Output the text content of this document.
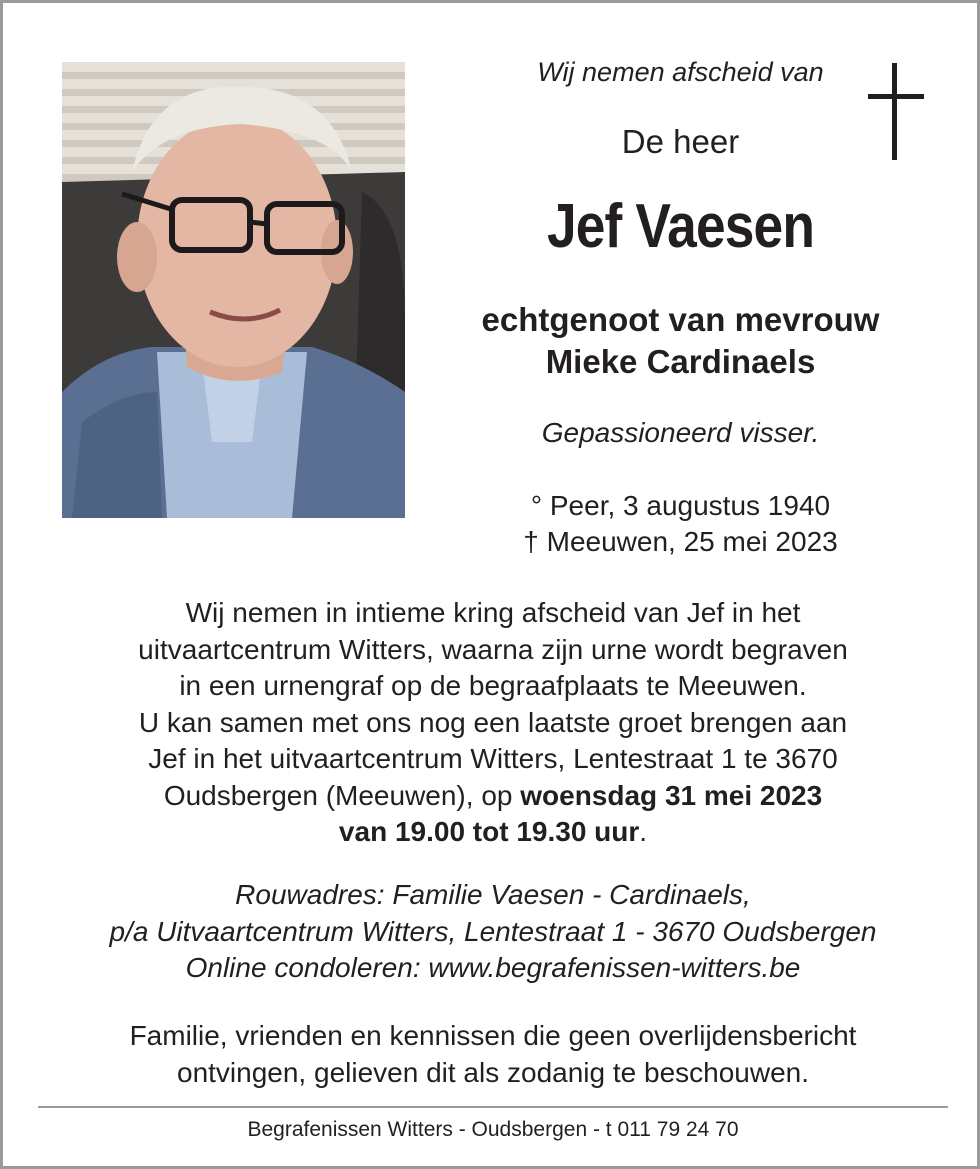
Wij nemen afscheid van
De heer
Jef Vaesen
echtgenoot van mevrouw
Mieke Cardinaels
Gepassioneerd visser.
° Peer, 3 augustus 1940
† Meeuwen, 25 mei 2023
Wij nemen in intieme kring afscheid van Jef in het
uitvaartcentrum Witters, waarna zijn urne wordt begraven
in een urnengraf op de begraafplaats te Meeuwen.
U kan samen met ons nog een laatste groet brengen aan
Jef in het uitvaartcentrum Witters, Lentestraat 1 te 3670
Oudsbergen (Meeuwen), op woensdag 31 mei 2023
van 19.00 tot 19.30 uur.
Rouwadres: Familie Vaesen - Cardinaels,
p/a Uitvaartcentrum Witters, Lentestraat 1 - 3670 Oudsbergen
Online condoleren: www.begrafenissen-witters.be
Familie, vrienden en kennissen die geen overlijdensbericht
ontvingen, gelieven dit als zodanig te beschouwen.
Begrafenissen Witters - Oudsbergen - t 011 79 24 70
